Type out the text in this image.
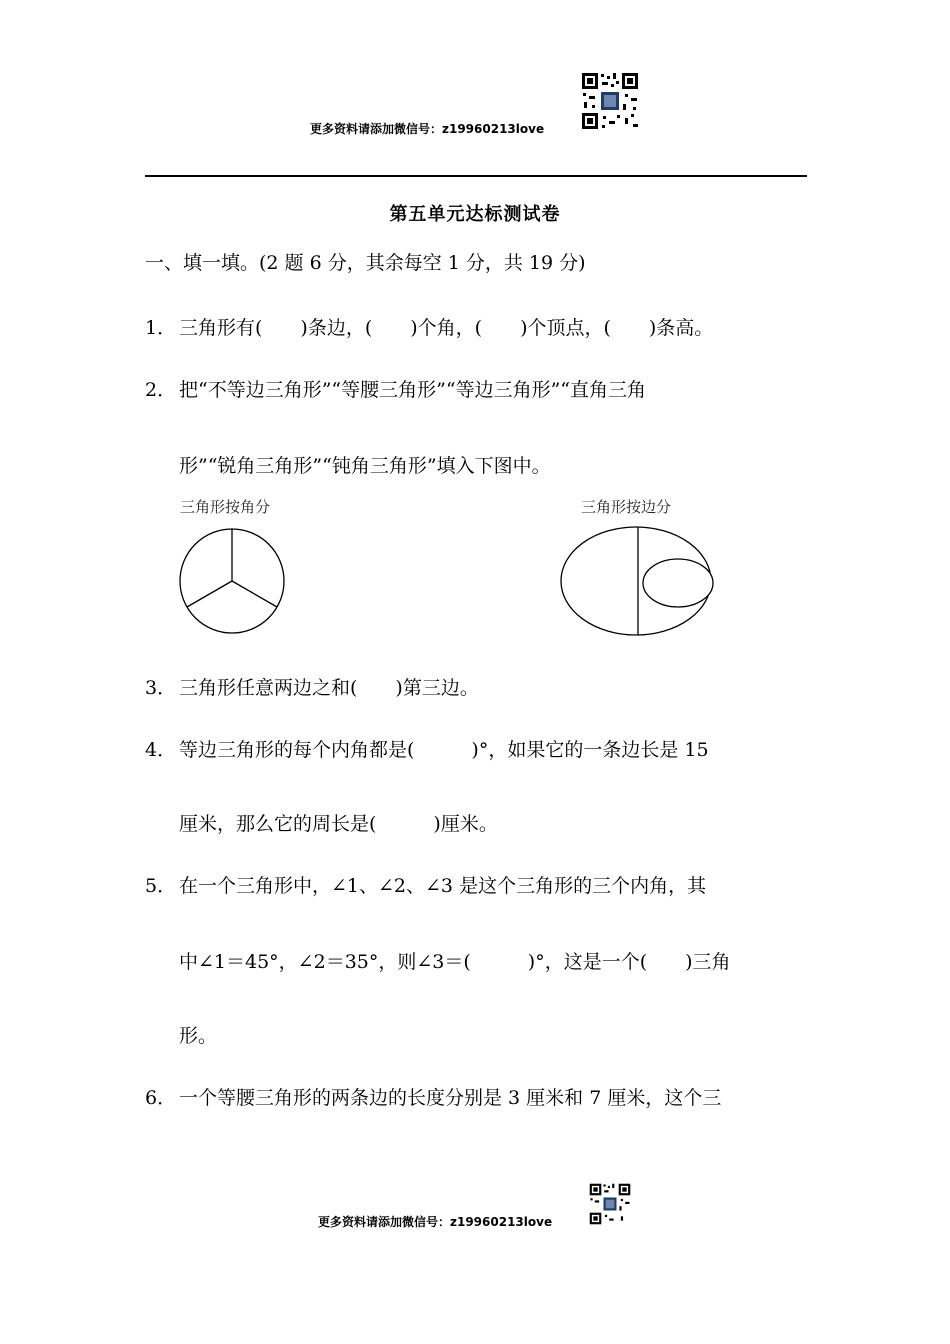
更多资料请添加微信号：z19960213love
第五单元达标测试卷
一、填一填。(2 题 6 分，其余每空 1 分，共 19 分)
1． 三角形有(　　)条边，(　　)个角，(　　)个顶点，(　　)条高。
2． 把“不等边三角形”“等腰三角形”“等边三角形”“直角三角
形”“锐角三角形”“钝角三角形”填入下图中。
三角形按角分	三角形按边分
3． 三角形任意两边之和(　　)第三边。
4． 等边三角形的每个内角都是(　　　)°，如果它的一条边长是 15
厘米，那么它的周长是(　　　)厘米。
5． 在一个三角形中，∠1、∠2、∠3 是这个三角形的三个内角，其
中∠1＝45°，∠2＝35°，则∠3＝(　　　)°，这是一个(　　)三角
形。
6． 一个等腰三角形的两条边的长度分别是 3 厘米和 7 厘米，这个三
更多资料请添加微信号：z19960213love
